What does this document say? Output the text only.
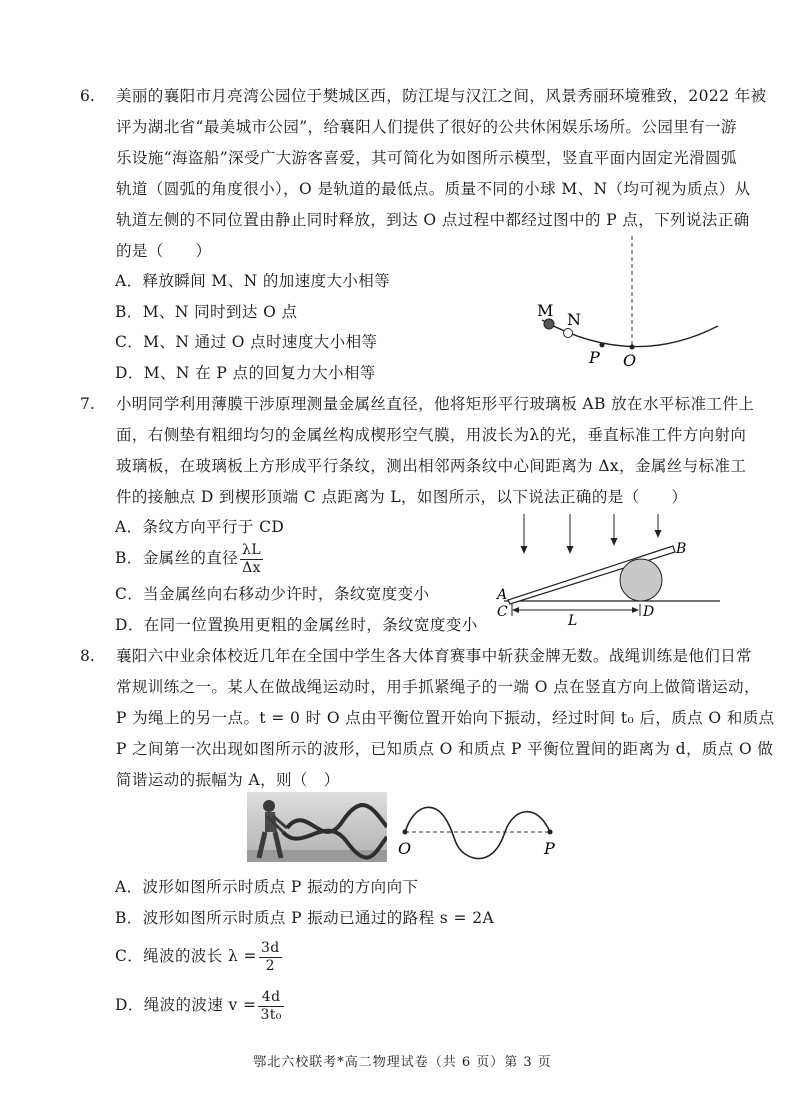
6. 美丽的襄阳市月亮湾公园位于樊城区西，防江堤与汉江之间，风景秀丽环境雅致，2022 年被
评为湖北省“最美城市公园”，给襄阳人们提供了很好的公共休闲娱乐场所。公园里有一游
乐设施“海盗船”深受广大游客喜爱，其可简化为如图所示模型，竖直平面内固定光滑圆弧
轨道（圆弧的角度很小），O 是轨道的最低点。质量不同的小球 M、N（均可视为质点）从
轨道左侧的不同位置由静止同时释放，到达 O 点过程中都经过图中的 P 点，下列说法正确
的是（　　）
A．释放瞬间 M、N 的加速度大小相等
B．M、N 同时到达 O 点
C．M、N 通过 O 点时速度大小相等
D．M、N 在 P 点的回复力大小相等
M N
P O
7. 小明同学利用薄膜干涉原理测量金属丝直径，他将矩形平行玻璃板 AB 放在水平标准工件上
面，右侧垫有粗细均匀的金属丝构成楔形空气膜，用波长为λ的光，垂直标准工件方向射向
玻璃板，在玻璃板上方形成平行条纹，测出相邻两条纹中心间距离为 Δx，金属丝与标准工
件的接触点 D 到楔形顶端 C 点距离为 L，如图所示，以下说法正确的是（　　）
A．条纹方向平行于 CD
B．金属丝的直径 $\frac{\lambda L}{\Delta x}$
C．当金属丝向右移动少许时，条纹宽度变小
D．在同一位置换用更粗的金属丝时，条纹宽度变小
A
B
C	D
L
8. 襄阳六中业余体校近几年在全国中学生各大体育赛事中斩获金牌无数。战绳训练是他们日常
常规训练之一。某人在做战绳运动时，用手抓紧绳子的一端 O 点在竖直方向上做简谐运动，
P 为绳上的另一点。t = 0 时 O 点由平衡位置开始向下振动，经过时间 t₀ 后，质点 O 和质点
P 之间第一次出现如图所示的波形，已知质点 O 和质点 P 平衡位置间的距离为 d，质点 O 做
简谐运动的振幅为 A，则（　）
O	P
A．波形如图所示时质点 P 振动的方向向下
B．波形如图所示时质点 P 振动已通过的路程 s = 2A
C．绳波的波长 $\lambda = \frac{3d}{2}$
D．绳波的波速 $v = \frac{4d}{\text{3t₀}}$
鄂北六校联考*高二物理试卷（共 6 页）第 3 页
